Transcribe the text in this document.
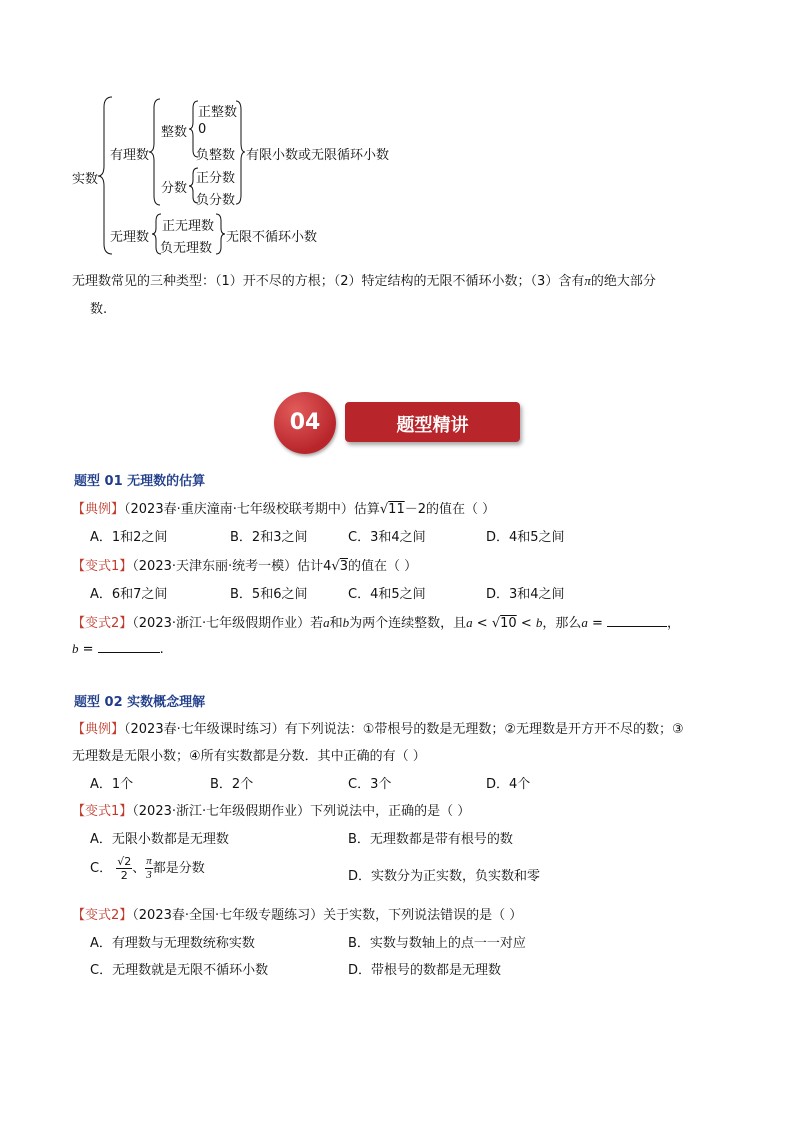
实数
有理数
整数
正整数
0
负整数 有限小数或无限循环小数
分数
正分数
负分数
无理数
正无理数
负无理数
无限不循环小数
无理数常见的三种类型：（1）开不尽的方根；（2）特定结构的无限不循环小数；（3）含有π的绝大部分
数.
题型精讲
04
题型 01 无理数的估算
【典例】（2023春·重庆潼南·七年级校联考期中）估算√11－2的值在（ ）
A．1和2之间	B．2和3之间	C．3和4之间	D．4和5之间
【变式1】（2023·天津东丽·统考一模）估计4√3的值在（ ）
A．6和7之间	B．5和6之间	C．4和5之间	D．3和4之间
【变式2】（2023·浙江·七年级假期作业）若a和b为两个连续整数，且a < √10 < b，那么a =	，
b =	.
题型 02 实数概念理解
【典例】（2023春·七年级课时练习）有下列说法：①带根号的数是无理数；②无理数是开方开不尽的数；③
无理数是无限小数；④所有实数都是分数．其中正确的有（ ）
A．1个	B．2个	C．3个	D．4个
【变式1】（2023·浙江·七年级假期作业）下列说法中，正确的是（ ）
A．无限小数都是无理数	B．无理数都是带有根号的数
C． $\frac{√2}{2}$ 、 $\frac{\pi}{3}$ 都是分数
D．实数分为正实数，负实数和零
【变式2】（2023春·全国·七年级专题练习）关于实数，下列说法错误的是（ ）
A．有理数与无理数统称实数	B．实数与数轴上的点一一对应
C．无理数就是无限不循环小数	D．带根号的数都是无理数
